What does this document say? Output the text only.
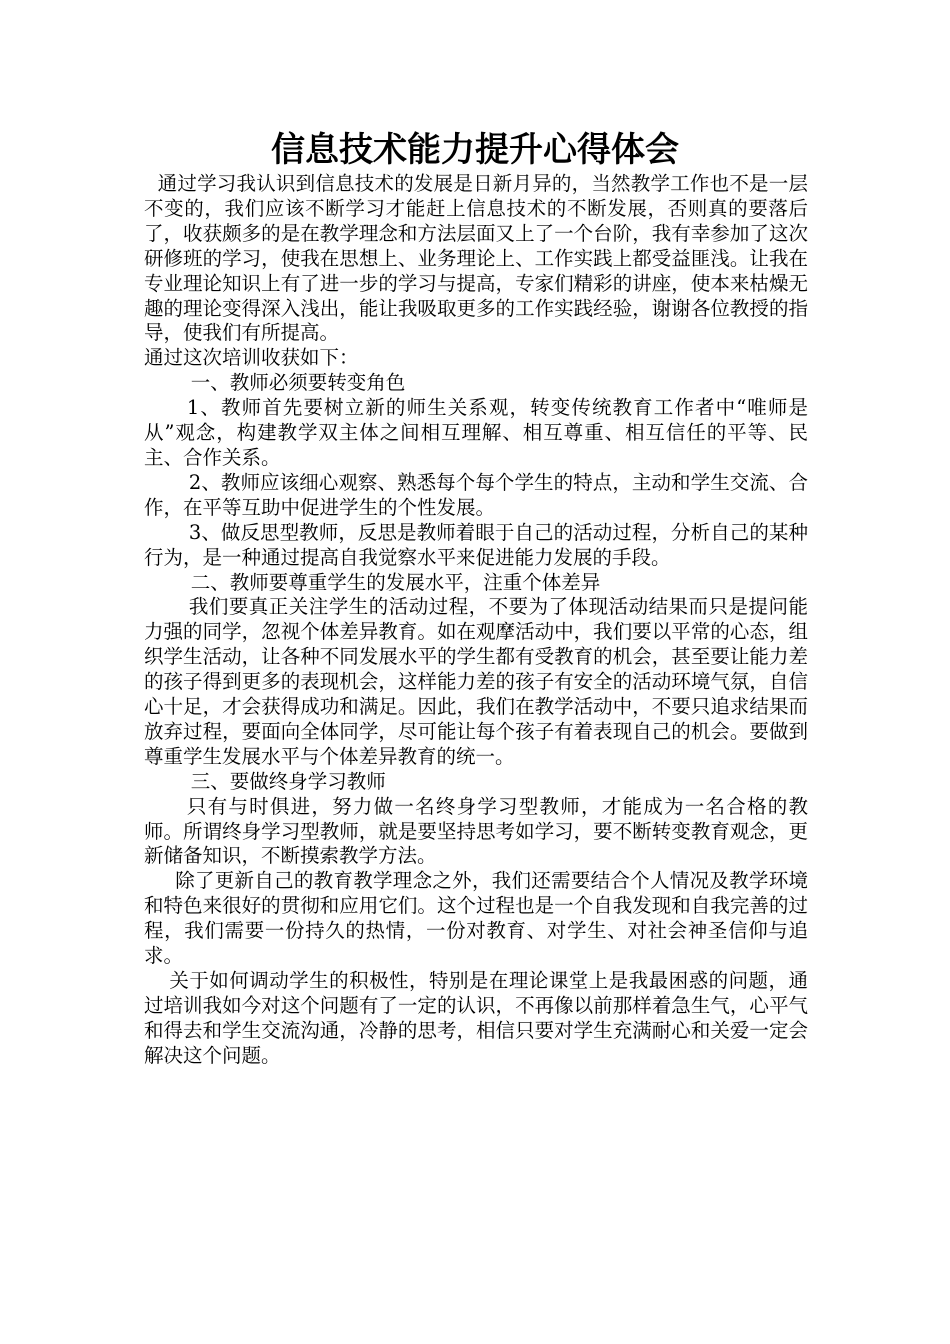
信息技术能力提升心得体会

通过学习我认识到信息技术的发展是日新月异的，当然教学工作也不是一层不变的，我们应该不断学习才能赶上信息技术的不断发展，否则真的要落后了，收获颇多的是在教学理念和方法层面又上了一个台阶，我有幸参加了这次研修班的学习，使我在思想上、业务理论上、工作实践上都受益匪浅。让我在专业理论知识上有了进一步的学习与提高，专家们精彩的讲座，使本来枯燥无趣的理论变得深入浅出，能让我吸取更多的工作实践经验，谢谢各位教授的指导，使我们有所提高。

通过这次培训收获如下：

一、教师必须要转变角色

1、教师首先要树立新的师生关系观，转变传统教育工作者中“唯师是从”观念，构建教学双主体之间相互理解、相互尊重、相互信任的平等、民主、合作关系。

2、教师应该细心观察、熟悉每个每个学生的特点，主动和学生交流、合作，在平等互助中促进学生的个性发展。

3、做反思型教师，反思是教师着眼于自己的活动过程，分析自己的某种行为，是一种通过提高自我觉察水平来促进能力发展的手段。

二、教师要尊重学生的发展水平，注重个体差异

我们要真正关注学生的活动过程，不要为了体现活动结果而只是提问能力强的同学，忽视个体差异教育。如在观摩活动中，我们要以平常的心态，组织学生活动，让各种不同发展水平的学生都有受教育的机会，甚至要让能力差的孩子得到更多的表现机会，这样能力差的孩子有安全的活动环境气氛，自信心十足，才会获得成功和满足。因此，我们在教学活动中，不要只追求结果而放弃过程，要面向全体同学，尽可能让每个孩子有着表现自己的机会。要做到尊重学生发展水平与个体差异教育的统一。

三、要做终身学习教师

只有与时俱进，努力做一名终身学习型教师，才能成为一名合格的教师。所谓终身学习型教师，就是要坚持思考如学习，要不断转变教育观念，更新储备知识，不断摸索教学方法。

除了更新自己的教育教学理念之外，我们还需要结合个人情况及教学环境和特色来很好的贯彻和应用它们。这个过程也是一个自我发现和自我完善的过程，我们需要一份持久的热情，一份对教育、对学生、对社会神圣信仰与追求。

关于如何调动学生的积极性，特别是在理论课堂上是我最困惑的问题，通过培训我如今对这个问题有了一定的认识，不再像以前那样着急生气，心平气和得去和学生交流沟通，冷静的思考，相信只要对学生充满耐心和关爱一定会解决这个问题。
